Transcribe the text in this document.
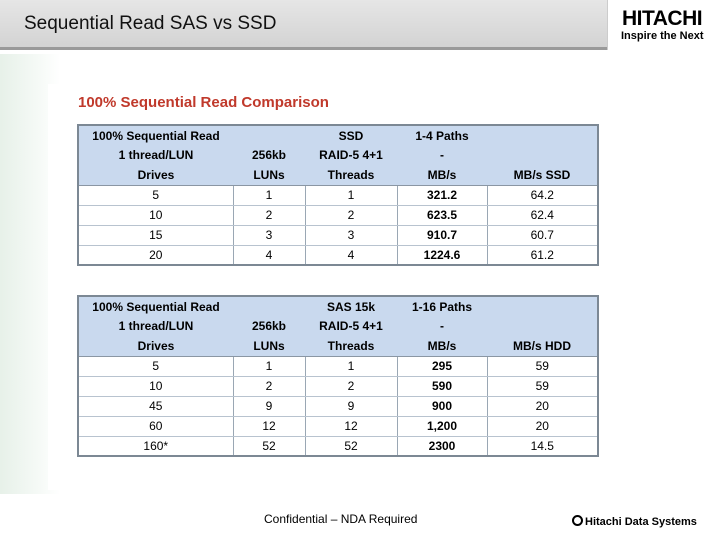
Sequential Read SAS vs SSD	HITACHI
Inspire the Next
100% Sequential Read Comparison
100% Sequential Read		SSD	1-4 Paths	
1 thread/LUN	256kb	RAID-5 4+1	-	
Drives	LUNs	Threads	MB/s	MB/s SSD
5	1	1	321.2	64.2
10	2	2	623.5	62.4
15	3	3	910.7	60.7
20	4	4	1224.6	61.2
100% Sequential Read		SAS 15k	1-16 Paths	
1 thread/LUN	256kb	RAID-5 4+1	-	
Drives	LUNs	Threads	MB/s	MB/s HDD
5	1	1	295	59
10	2	2	590	59
45	9	9	900	20
60	12	12	1,200	20
160*	52	52	2300	14.5
Confidential – NDA Required	Hitachi Data Systems
